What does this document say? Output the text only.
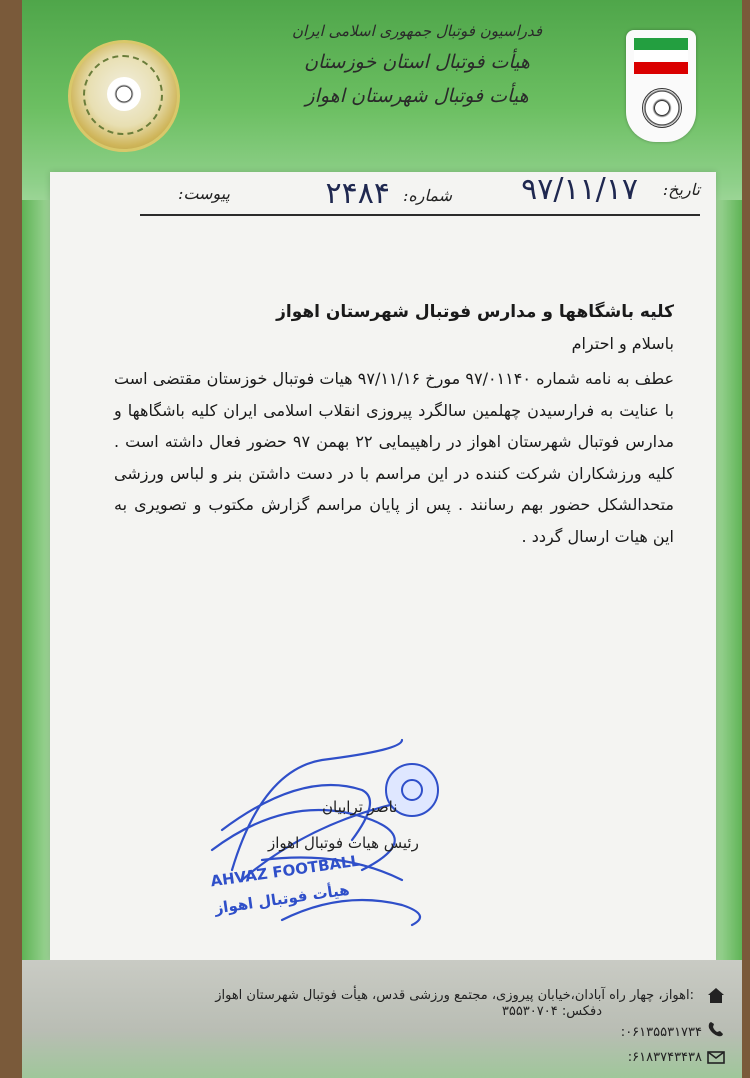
فدراسیون فوتبال جمهوری اسلامی ایران
هیأت فوتبال استان خوزستان
هیأت فوتبال شهرستان اهواز
تاریخ:
۹۷/۱۱/۱۷
شماره:
۲۴۸۴
پیوست:
کلیه باشگاهها و مدارس فوتبال شهرستان اهواز
باسلام و احترام
عطف به نامه شماره ۹۷/۰۱۱۴۰ مورخ ۹۷/۱۱/۱۶ هیات فوتبال خوزستان مقتضی است با عنایت به فرارسیدن چهلمین سالگرد پیروزی انقلاب اسلامی ایران کلیه باشگاهها و مدارس فوتبال شهرستان اهواز در راهپیمایی ۲۲ بهمن ۹۷ حضور فعال داشته است . کلیه ورزشکاران شرکت کننده در این مراسم با در دست داشتن بنر و لباس ورزشی متحدالشکل حضور بهم رسانند . پس از پایان مراسم گزارش مکتوب و تصویری به این هیات ارسال گردد .
AHVAZ FOOTBALL
هیأت فوتبال اهواز
ناصر ترابیان
رئیس هیات فوتبال اهواز
:اهواز، چهار راه آبادان،خیابان پیروزی، مجتمع ورزشی قدس، هیأت فوتبال شهرستان اهواز
دفکس: ۳۵۵۳۰۷۰۴
۰۶۱۳۵۵۳۱۷۳۴:
۶۱۸۳۷۴۳۴۳۸:
